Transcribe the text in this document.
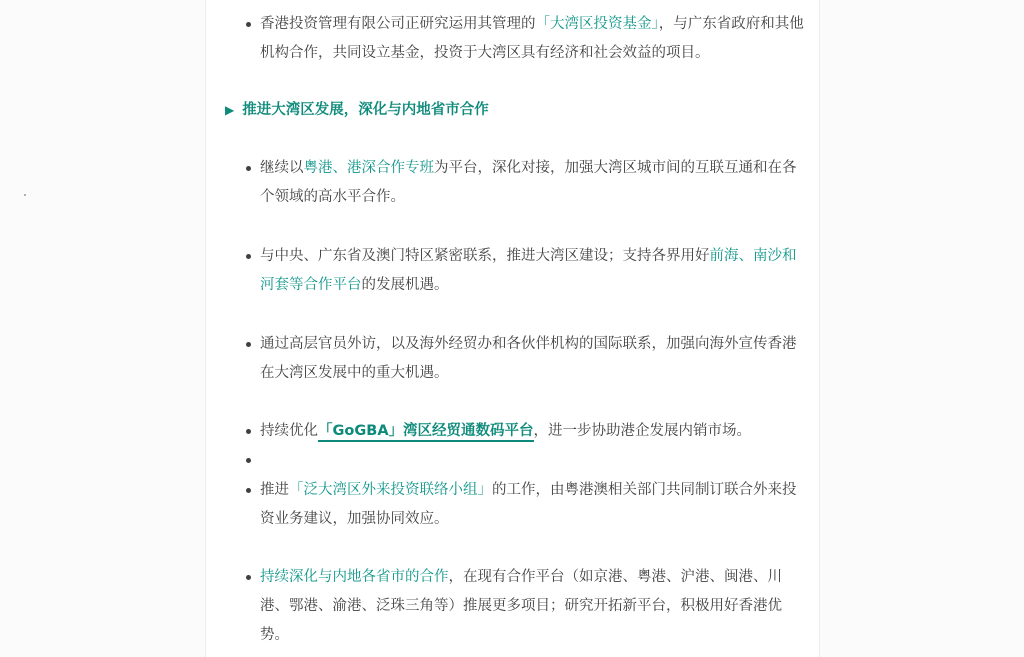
香港投资管理有限公司正研究运用其管理的「大湾区投资基金」，与广东省政府和其他机构合作，共同设立基金，投资于大湾区具有经济和社会效益的项目。
▶ 推进大湾区发展，深化与内地省市合作
继续以粤港、港深合作专班为平台，深化对接，加强大湾区城市间的互联互通和在各个领域的高水平合作。
与中央、广东省及澳门特区紧密联系，推进大湾区建设；支持各界用好前海、南沙和河套等合作平台的发展机遇。
通过高层官员外访，以及海外经贸办和各伙伴机构的国际联系，加强向海外宣传香港在大湾区发展中的重大机遇。
持续优化「GoGBA」湾区经贸通数码平台，进一步协助港企发展内销市场。
推进「泛大湾区外来投资联络小组」的工作，由粤港澳相关部门共同制订联合外来投资业务建议，加强协同效应。
持续深化与内地各省市的合作，在现有合作平台（如京港、粤港、沪港、闽港、川港、鄂港、渝港、泛珠三角等）推展更多项目；研究开拓新平台，积极用好香港优势。
